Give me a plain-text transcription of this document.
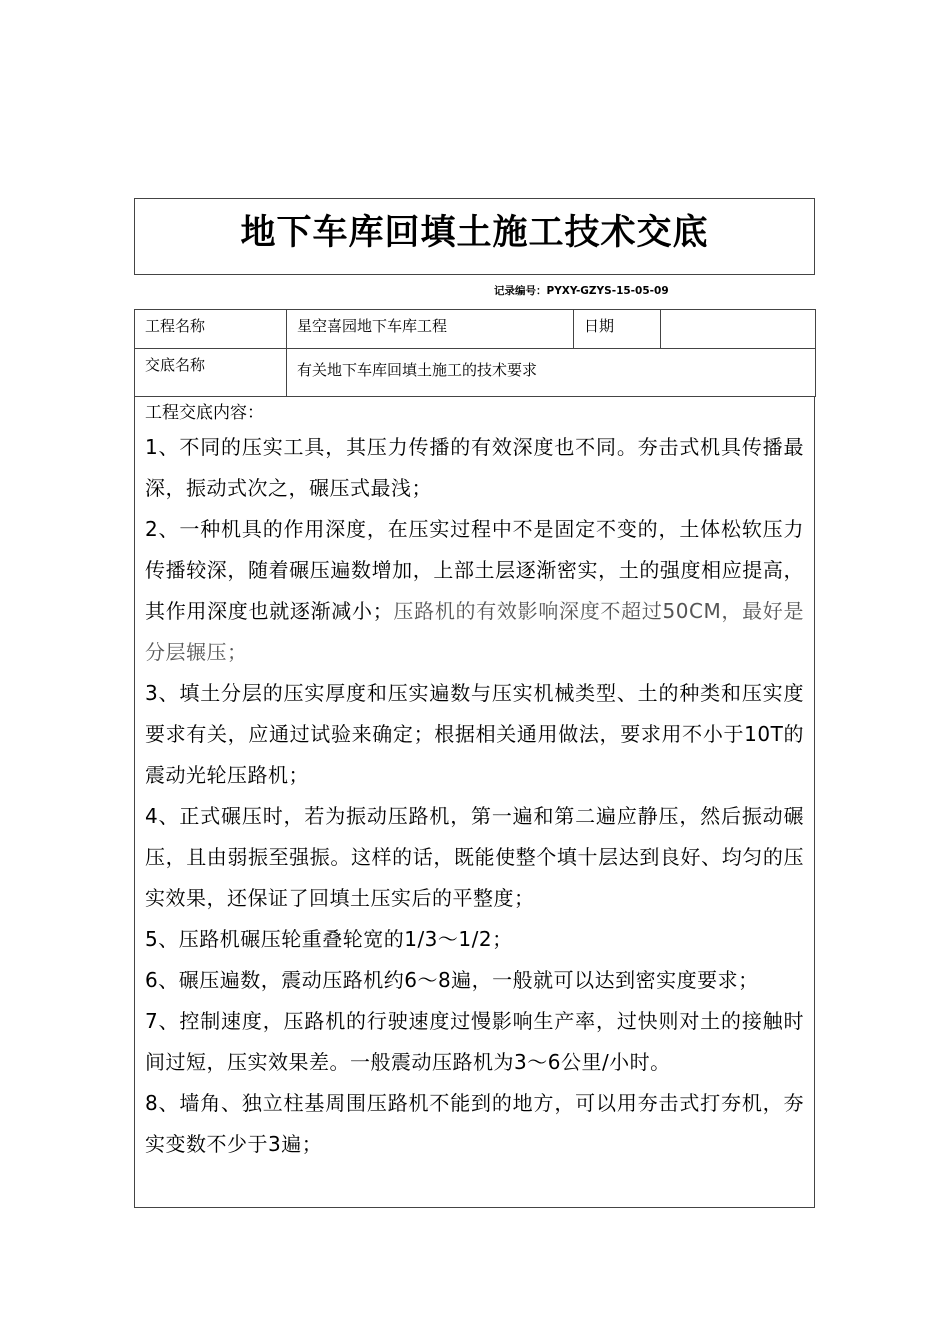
地下车库回填土施工技术交底
记录编号：PYXY-GZYS-15-05-09
工程名称	星空喜园地下车库工程	日期	
交底名称	有关地下车库回填土施工的技术要求		
工程交底内容：
1、不同的压实工具，其压力传播的有效深度也不同。夯击式机具传播最深，振动式次之，碾压式最浅；
2、一种机具的作用深度，在压实过程中不是固定不变的，土体松软压力传播较深，随着碾压遍数增加，上部土层逐渐密实，土的强度相应提高，其作用深度也就逐渐减小；压路机的有效影响深度不超过50CM，最好是分层辗压；
3、填土分层的压实厚度和压实遍数与压实机械类型、土的种类和压实度要求有关，应通过试验来确定；根据相关通用做法，要求用不小于10T的震动光轮压路机；
4、正式碾压时，若为振动压路机，第一遍和第二遍应静压，然后振动碾压，且由弱振至强振。这样的话，既能使整个填十层达到良好、均匀的压实效果，还保证了回填土压实后的平整度；
5、压路机碾压轮重叠轮宽的1/3～1/2；
6、碾压遍数，震动压路机约6～8遍，一般就可以达到密实度要求；
7、控制速度，压路机的行驶速度过慢影响生产率，过快则对土的接触时间过短，压实效果差。一般震动压路机为3～6公里/小时。
8、墙角、独立柱基周围压路机不能到的地方，可以用夯击式打夯机，夯实变数不少于3遍；
